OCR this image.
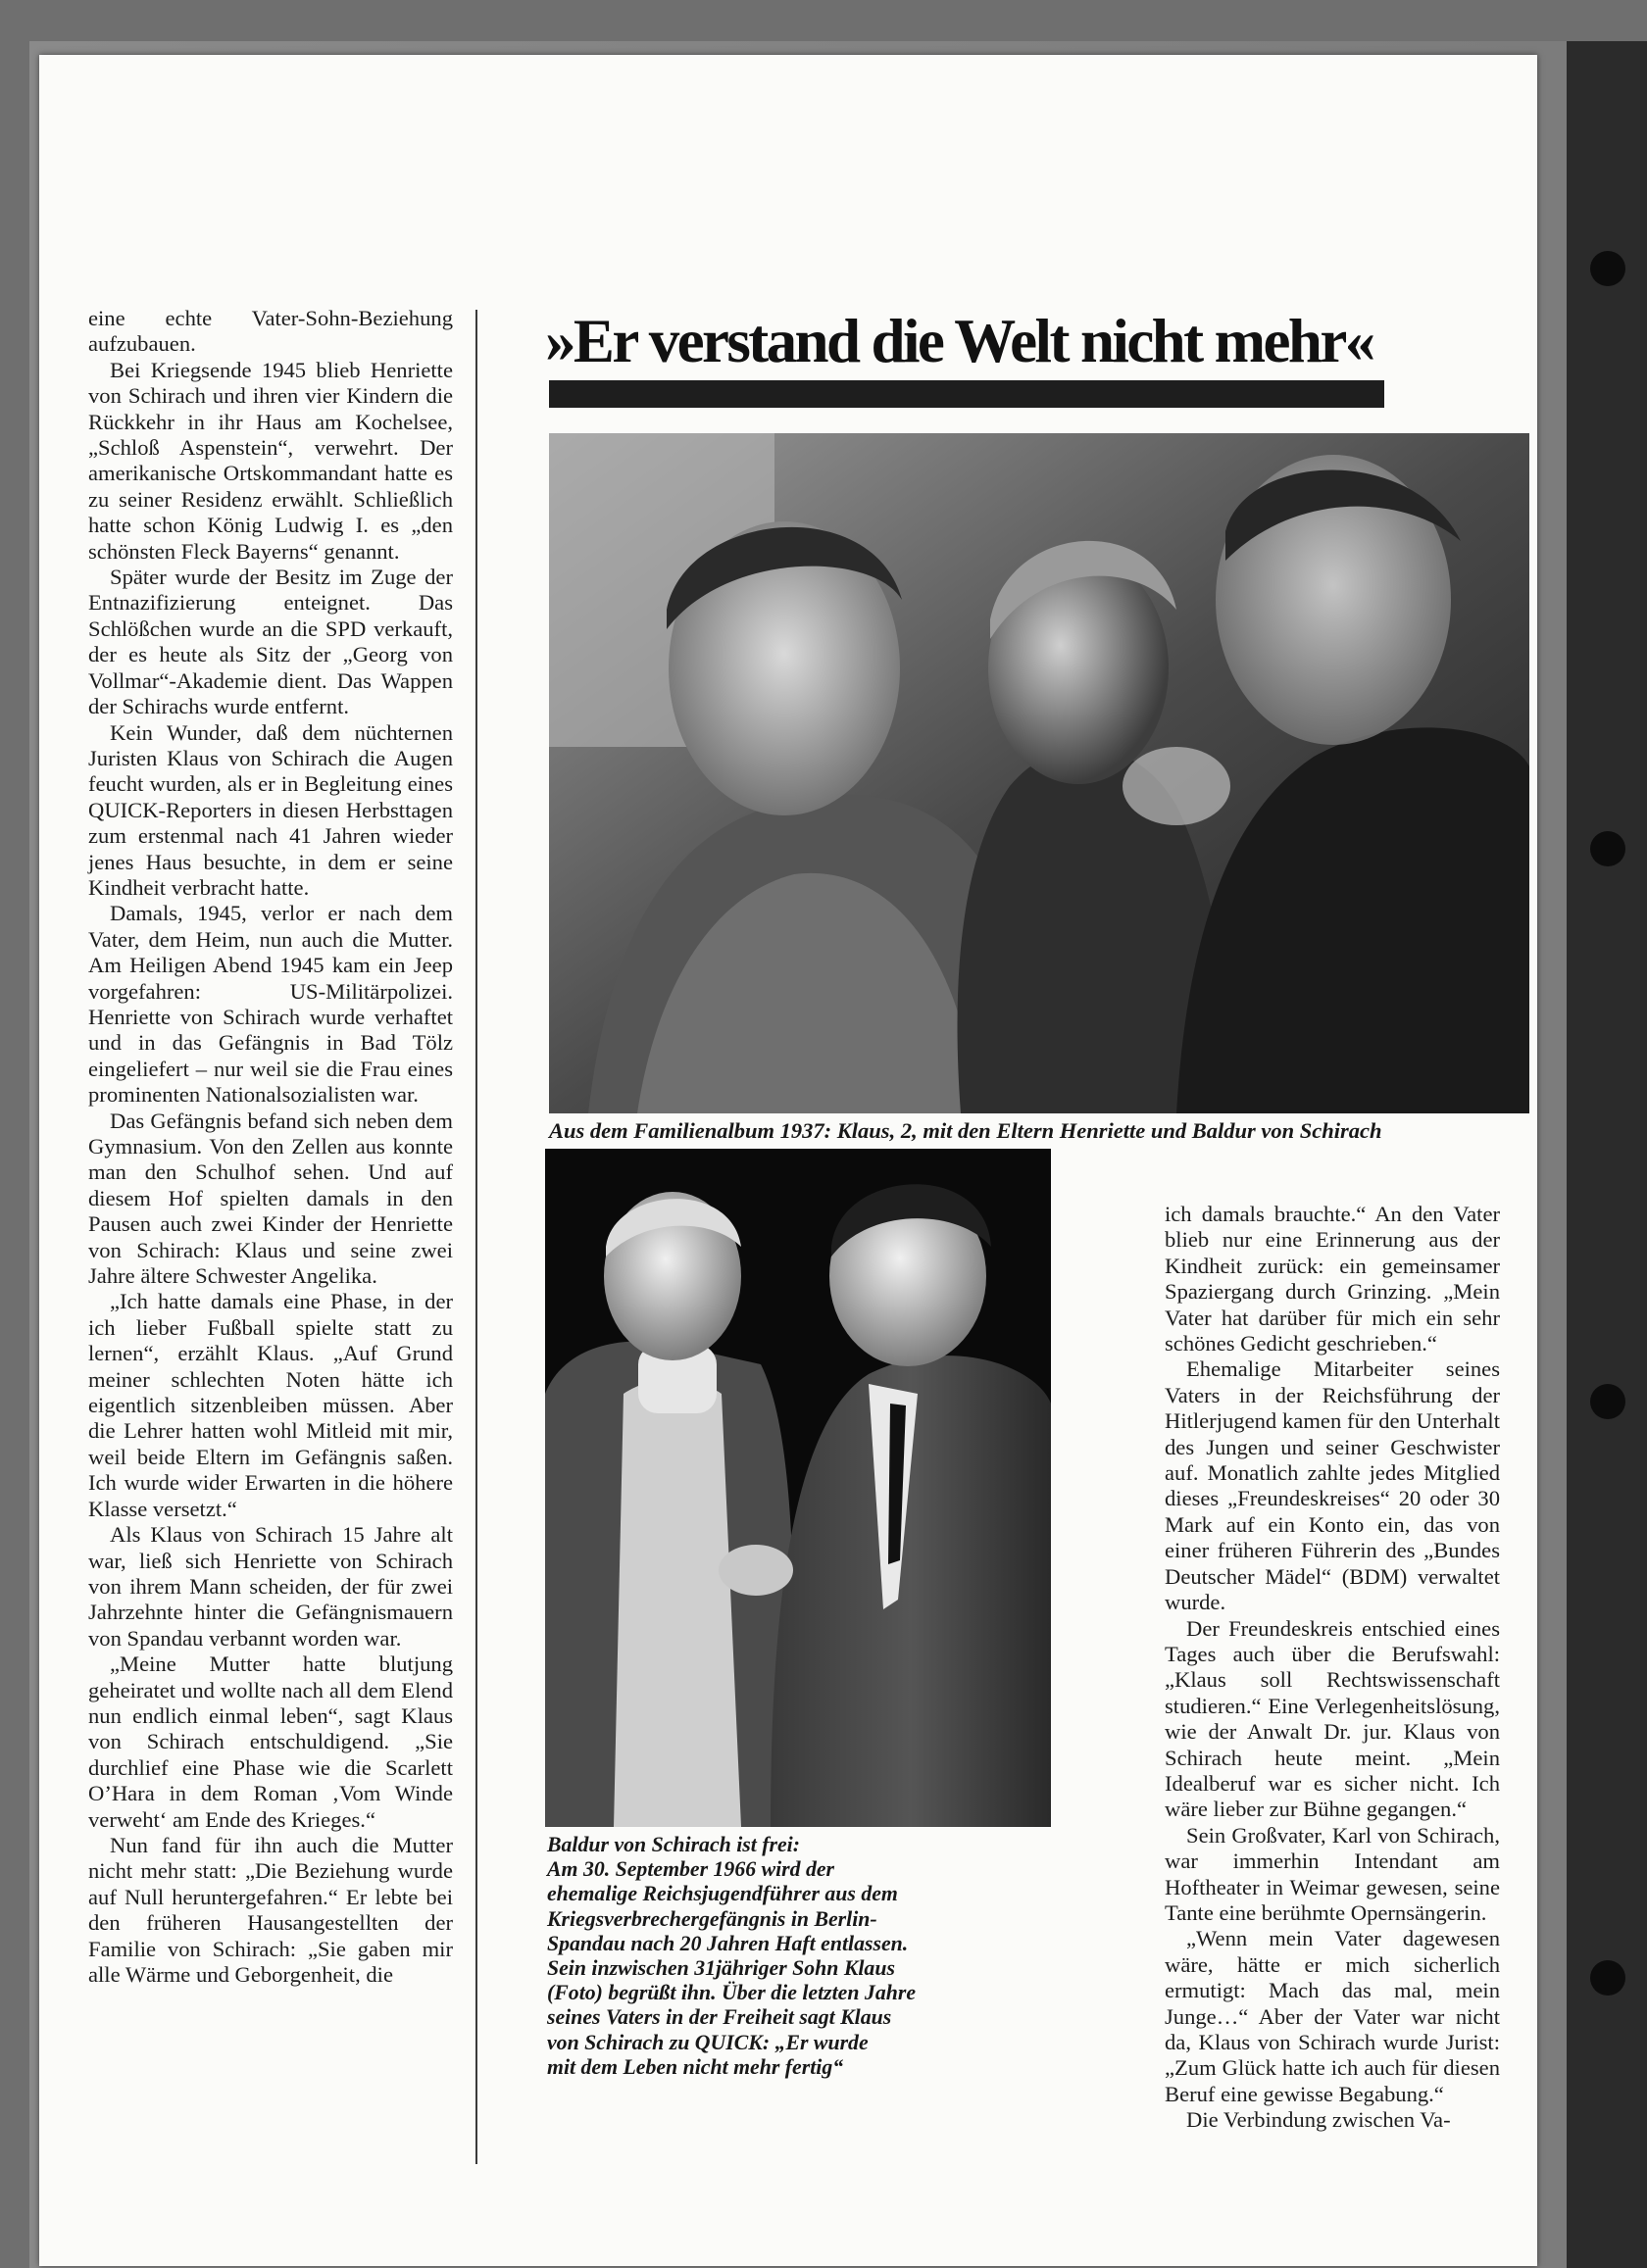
eine echte Vater-Sohn-Beziehung aufzubauen.

Bei Kriegsende 1945 blieb Henriette von Schirach und ihren vier Kindern die Rückkehr in ihr Haus am Kochelsee, „Schloß Aspenstein“, verwehrt. Der amerikanische Ortskommandant hatte es zu seiner Residenz erwählt. Schließlich hatte schon König Ludwig I. es „den schönsten Fleck Bayerns“ genannt.

Später wurde der Besitz im Zuge der Entnazifizierung enteignet. Das Schlößchen wurde an die SPD verkauft, der es heute als Sitz der „Georg von Vollmar“-Akademie dient. Das Wappen der Schirachs wurde entfernt.

Kein Wunder, daß dem nüchternen Juristen Klaus von Schirach die Augen feucht wurden, als er in Begleitung eines QUICK-Reporters in diesen Herbsttagen zum erstenmal nach 41 Jahren wieder jenes Haus besuchte, in dem er seine Kindheit verbracht hatte.

Damals, 1945, verlor er nach dem Vater, dem Heim, nun auch die Mutter. Am Heiligen Abend 1945 kam ein Jeep vorgefahren: US-Militärpolizei. Henriette von Schirach wurde verhaftet und in das Gefängnis in Bad Tölz eingeliefert – nur weil sie die Frau eines prominenten Nationalsozialisten war.

Das Gefängnis befand sich neben dem Gymnasium. Von den Zellen aus konnte man den Schulhof sehen. Und auf diesem Hof spielten damals in den Pausen auch zwei Kinder der Henriette von Schirach: Klaus und seine zwei Jahre ältere Schwester Angelika.

„Ich hatte damals eine Phase, in der ich lieber Fußball spielte statt zu lernen“, erzählt Klaus. „Auf Grund meiner schlechten Noten hätte ich eigentlich sitzenbleiben müssen. Aber die Lehrer hatten wohl Mitleid mit mir, weil beide Eltern im Gefängnis saßen. Ich wurde wider Erwarten in die höhere Klasse versetzt.“

Als Klaus von Schirach 15 Jahre alt war, ließ sich Henriette von Schirach von ihrem Mann scheiden, der für zwei Jahrzehnte hinter die Gefängnismauern von Spandau verbannt worden war.

„Meine Mutter hatte blutjung geheiratet und wollte nach all dem Elend nun endlich einmal leben“, sagt Klaus von Schirach entschuldigend. „Sie durchlief eine Phase wie die Scarlett O’Hara in dem Roman ‚Vom Winde verweht‘ am Ende des Krieges.“

Nun fand für ihn auch die Mutter nicht mehr statt: „Die Beziehung wurde auf Null heruntergefahren.“ Er lebte bei den früheren Hausangestellten der Familie von Schirach: „Sie gaben mir alle Wärme und Geborgenheit, die

»Er verstand die Welt nicht mehr«
Aus dem Familienalbum 1937: Klaus, 2, mit den Eltern Henriette und Baldur von Schirach
Baldur von Schirach ist frei:
Am 30. September 1966 wird der
ehemalige Reichsjugendführer aus dem
Kriegsverbrechergefängnis in Berlin-
Spandau nach 20 Jahren Haft entlassen.
Sein inzwischen 31jähriger Sohn Klaus
(Foto) begrüßt ihn. Über die letzten Jahre
seines Vaters in der Freiheit sagt Klaus
von Schirach zu QUICK: „Er wurde
mit dem Leben nicht mehr fertig“

ich damals brauchte.“ An den Vater blieb nur eine Erinnerung aus der Kindheit zurück: ein gemeinsamer Spaziergang durch Grinzing. „Mein Vater hat darüber für mich ein sehr schönes Gedicht geschrieben.“

Ehemalige Mitarbeiter seines Vaters in der Reichsführung der Hitlerjugend kamen für den Unterhalt des Jungen und seiner Geschwister auf. Monatlich zahlte jedes Mitglied dieses „Freundeskreises“ 20 oder 30 Mark auf ein Konto ein, das von einer früheren Führerin des „Bundes Deutscher Mädel“ (BDM) verwaltet wurde.

Der Freundeskreis entschied eines Tages auch über die Berufswahl: „Klaus soll Rechtswissenschaft studieren.“ Eine Verlegenheitslösung, wie der Anwalt Dr. jur. Klaus von Schirach heute meint. „Mein Idealberuf war es sicher nicht. Ich wäre lieber zur Bühne gegangen.“

Sein Großvater, Karl von Schirach, war immerhin Intendant am Hoftheater in Weimar gewesen, seine Tante eine berühmte Opernsängerin.

„Wenn mein Vater dagewesen wäre, hätte er mich sicherlich ermutigt: Mach das mal, mein Junge…“ Aber der Vater war nicht da, Klaus von Schirach wurde Jurist: „Zum Glück hatte ich auch für diesen Beruf eine gewisse Begabung.“

Die Verbindung zwischen Va-
